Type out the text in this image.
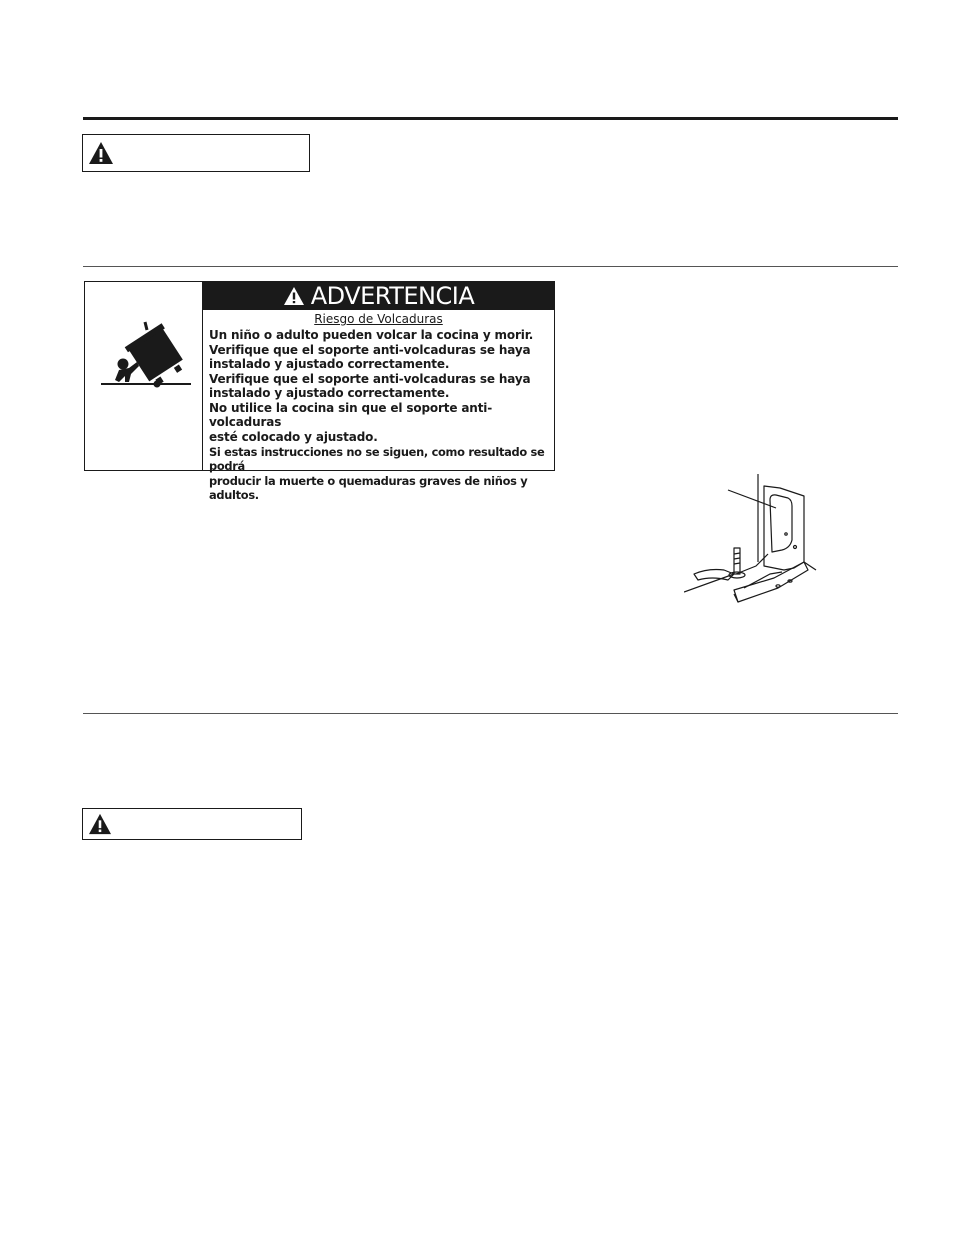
ADVERTENCIA
Riesgo de Volcaduras
Un niño o adulto pueden volcar la cocina y morir.
Verifique que el soporte anti-volcaduras se haya
instalado y ajustado correctamente.
Verifique que el soporte anti-volcaduras se haya
instalado y ajustado correctamente.
No utilice la cocina sin que el soporte anti-volcaduras
esté colocado y ajustado.
Si estas instrucciones no se siguen, como resultado se podrá
producir la muerte o quemaduras graves de niños y adultos.
